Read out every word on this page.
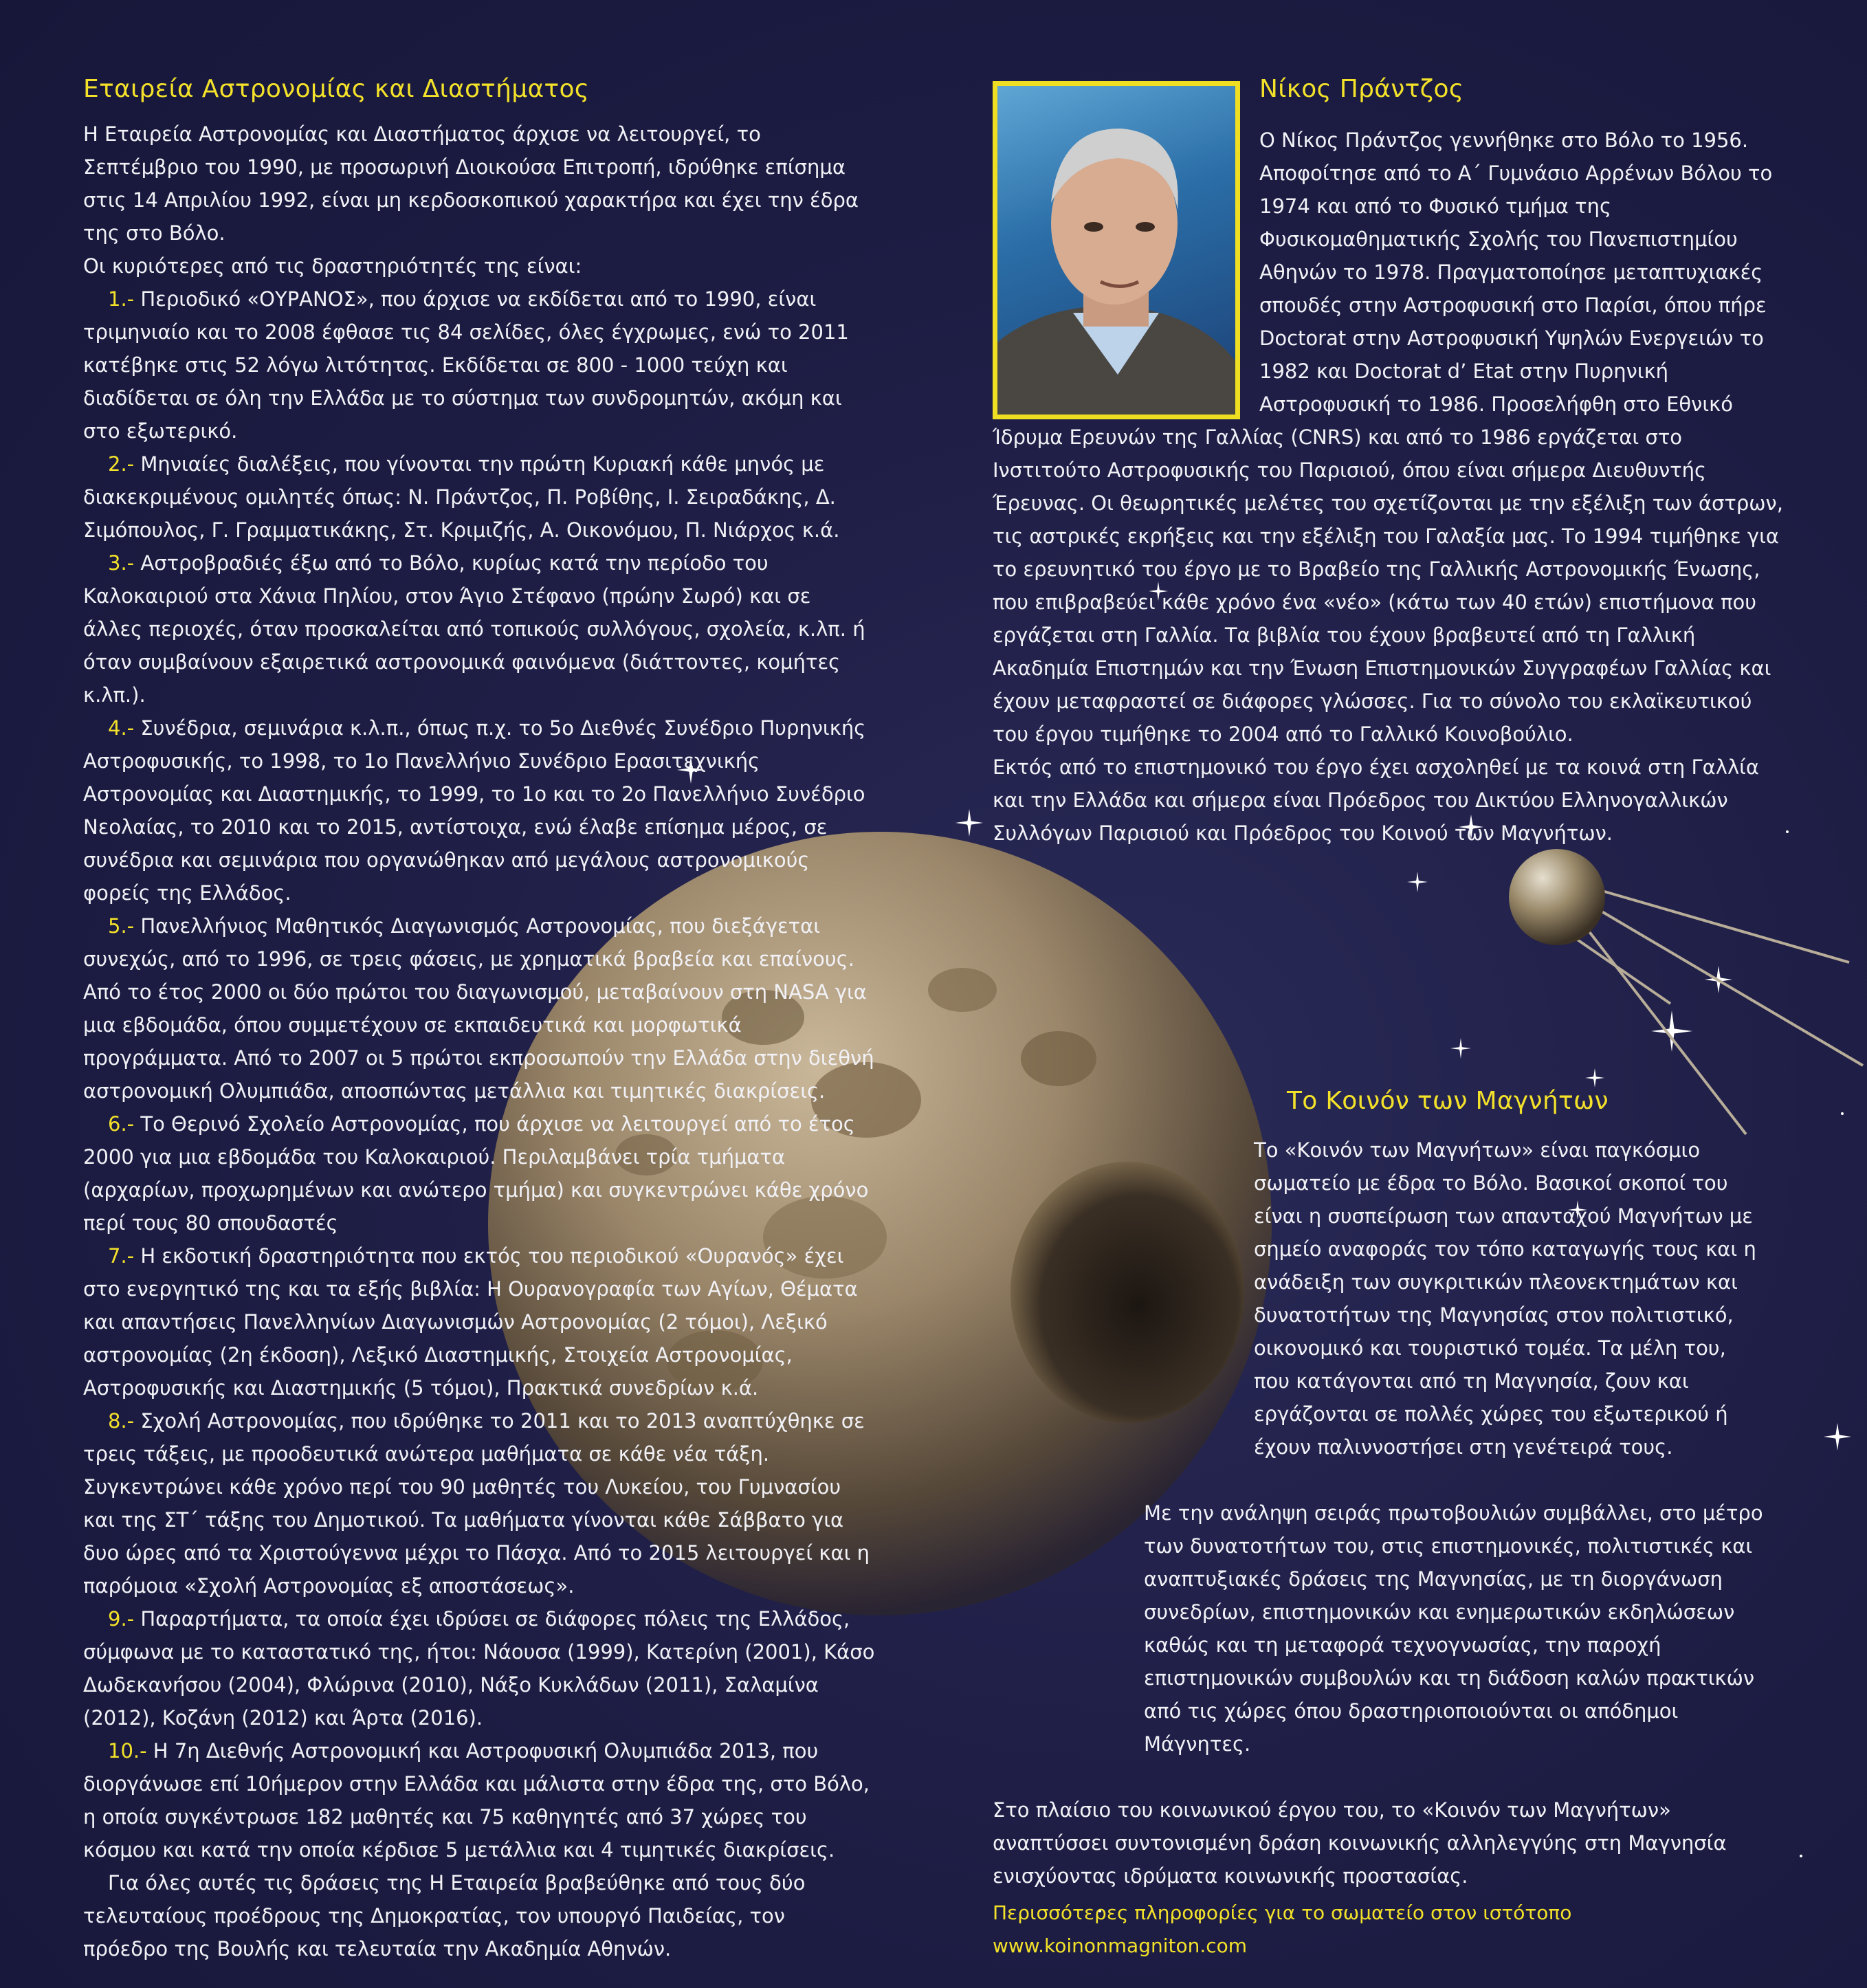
Εταιρεία Αστρονομίας και Διαστήματος

Η Εταιρεία Αστρονομίας και Διαστήματος άρχισε να λειτουργεί, το Σεπτέμβριο του 1990, με προσωρινή Διοικούσα Επιτροπή, ιδρύθηκε επίσημα στις 14 Απριλίου 1992, είναι μη κερδοσκοπικού χαρακτήρα και έχει την έδρα της στο Βόλο.

Οι κυριότερες από τις δραστηριότητές της είναι:

1.- Περιοδικό «ΟΥΡΑΝΟΣ», που άρχισε να εκδίδεται από το 1990, είναι τριμηνιαίο και το 2008 έφθασε τις 84 σελίδες, όλες έγχρωμες, ενώ το 2011 κατέβηκε στις 52 λόγω λιτότητας. Εκδίδεται σε 800 - 1000 τεύχη και διαδίδεται σε όλη την Ελλάδα με το σύστημα των συνδρομητών, ακόμη και στο εξωτερικό.

2.- Μηνιαίες διαλέξεις, που γίνονται την πρώτη Κυριακή κάθε μηνός με διακεκριμένους ομιλητές όπως: Ν. Πράντζος, Π. Ροβίθης, Ι. Σειραδάκης, Δ. Σιμόπουλος, Γ. Γραμματικάκης, Στ. Κριμιζής, Α. Οικονόμου, Π. Νιάρχος κ.ά.

3.- Αστροβραδιές έξω από το Βόλο, κυρίως κατά την περίοδο του Καλοκαιριού στα Χάνια Πηλίου, στον Άγιο Στέφανο (πρώην Σωρό) και σε άλλες περιοχές, όταν προσκαλείται από τοπικούς συλλόγους, σχολεία, κ.λπ. ή όταν συμβαίνουν εξαιρετικά αστρονομικά φαινόμενα (διάττοντες, κομήτες κ.λπ.).

4.- Συνέδρια, σεμινάρια κ.λ.π., όπως π.χ. το 5ο Διεθνές Συνέδριο Πυρηνικής Αστροφυσικής, το 1998, το 1ο Πανελλήνιο Συνέδριο Ερασιτεχνικής Αστρονομίας και Διαστημικής, το 1999, το 1ο και το 2ο Πανελλήνιο Συνέδριο Νεολαίας, το 2010 και το 2015, αντίστοιχα, ενώ έλαβε επίσημα μέρος, σε συνέδρια και σεμινάρια που οργανώθηκαν από μεγάλους αστρονομικούς φορείς της Ελλάδος.

5.- Πανελλήνιος Μαθητικός Διαγωνισμός Αστρονομίας, που διεξάγεται συνεχώς, από το 1996, σε τρεις φάσεις, με χρηματικά βραβεία και επαίνους. Από το έτος 2000 οι δύο πρώτοι του διαγωνισμού, μεταβαίνουν στη NASA για μια εβδομάδα, όπου συμμετέχουν σε εκπαιδευτικά και μορφωτικά προγράμματα. Από το 2007 οι 5 πρώτοι εκπροσωπούν την Ελλάδα στην διεθνή αστρονομική Ολυμπιάδα, αποσπώντας μετάλλια και τιμητικές διακρίσεις.

6.- Το Θερινό Σχολείο Αστρονομίας, που άρχισε να λειτουργεί από το έτος 2000 για μια εβδομάδα του Καλοκαιριού. Περιλαμβάνει τρία τμήματα (αρχαρίων, προχωρημένων και ανώτερο τμήμα) και συγκεντρώνει κάθε χρόνο περί τους 80 σπουδαστές

7.- Η εκδοτική δραστηριότητα που εκτός του περιοδικού «Ουρανός» έχει στο ενεργητικό της και τα εξής βιβλία: Η Ουρανογραφία των Αγίων, Θέματα και απαντήσεις Πανελληνίων Διαγωνισμών Αστρονομίας (2 τόμοι), Λεξικό αστρονομίας (2η έκδοση), Λεξικό Διαστημικής, Στοιχεία Αστρονομίας, Αστροφυσικής και Διαστημικής (5 τόμοι), Πρακτικά συνεδρίων κ.ά.

8.- Σχολή Αστρονομίας, που ιδρύθηκε το 2011 και το 2013 αναπτύχθηκε σε τρεις τάξεις, με προοδευτικά ανώτερα μαθήματα σε κάθε νέα τάξη. Συγκεντρώνει κάθε χρόνο περί του 90 μαθητές του Λυκείου, του Γυμνασίου και της ΣΤ΄ τάξης του Δημοτικού. Τα μαθήματα γίνονται κάθε Σάββατο για δυο ώρες από τα Χριστούγεννα μέχρι το Πάσχα. Από το 2015 λειτουργεί και η παρόμοια «Σχολή Αστρονομίας εξ αποστάσεως».

9.- Παραρτήματα, τα οποία έχει ιδρύσει σε διάφορες πόλεις της Ελλάδος, σύμφωνα με το καταστατικό της, ήτοι: Νάουσα (1999), Κατερίνη (2001), Κάσο Δωδεκανήσου (2004), Φλώρινα (2010), Νάξο Κυκλάδων (2011), Σαλαμίνα (2012), Κοζάνη (2012) και Άρτα (2016).

10.- Η 7η Διεθνής Αστρονομική και Αστροφυσική Ολυμπιάδα 2013, που διοργάνωσε επί 10ήμερον στην Ελλάδα και μάλιστα στην έδρα της, στο Βόλο, η οποία συγκέντρωσε 182 μαθητές και 75 καθηγητές από 37 χώρες του κόσμου και κατά την οποία κέρδισε 5 μετάλλια και 4 τιμητικές διακρίσεις.

Για όλες αυτές τις δράσεις της Η Εταιρεία βραβεύθηκε από τους δύο τελευταίους προέδρους της Δημοκρατίας, τον υπουργό Παιδείας, τον πρόεδρο της Βουλής και τελευταία την Ακαδημία Αθηνών.

Νίκος Πράντζος

Ο Νίκος Πράντζος γεννήθηκε στο Βόλο το 1956. Αποφοίτησε από το Α΄ Γυμνάσιο Αρρένων Βόλου το 1974 και από το Φυσικό τμήμα της Φυσικομαθηματικής Σχολής του Πανεπιστημίου Αθηνών το 1978. Πραγματοποίησε μεταπτυχιακές σπουδές στην Αστροφυσική στο Παρίσι, όπου πήρε Doctorat στην Αστροφυσική Υψηλών Ενεργειών το 1982 και Doctorat d’ Etat στην Πυρηνική Αστροφυσική το 1986. Προσελήφθη στο Εθνικό Ίδρυμα Ερευνών της Γαλλίας (CNRS) και από το 1986 εργάζεται στο Ινστιτούτο Αστροφυσικής του Παρισιού, όπου είναι σήμερα Διευθυντής Έρευνας. Οι θεωρητικές μελέτες του σχετίζονται με την εξέλιξη των άστρων, τις αστρικές εκρήξεις και την εξέλιξη του Γαλαξία μας. Το 1994 τιμήθηκε για το ερευνητικό του έργο με το Βραβείο της Γαλλικής Αστρονομικής Ένωσης, που επιβραβεύει κάθε χρόνο ένα «νέο» (κάτω των 40 ετών) επιστήμονα που εργάζεται στη Γαλλία. Τα βιβλία του έχουν βραβευτεί από τη Γαλλική Ακαδημία Επιστημών και την Ένωση Επιστημονικών Συγγραφέων Γαλλίας και έχουν μεταφραστεί σε διάφορες γλώσσες. Για το σύνολο του εκλαϊκευτικού του έργου τιμήθηκε το 2004 από το Γαλλικό Κοινοβούλιο.

Εκτός από το επιστημονικό του έργο έχει ασχοληθεί με τα κοινά στη Γαλλία και την Ελλάδα και σήμερα είναι Πρόεδρος του Δικτύου Ελληνογαλλικών Συλλόγων Παρισιού και Πρόεδρος του Κοινού των Μαγνήτων.

Το Κοινόν των Μαγνήτων

Το «Κοινόν των Μαγνήτων» είναι παγκόσμιο σωματείο με έδρα το Βόλο. Βασικοί σκοποί του είναι η συσπείρωση των απανταχού Μαγνήτων με σημείο αναφοράς τον τόπο καταγωγής τους και η ανάδειξη των συγκριτικών πλεονεκτημάτων και δυνατοτήτων της Μαγνησίας στον πολιτιστικό, οικονομικό και τουριστικό τομέα. Τα μέλη του, που κατάγονται από τη Μαγνησία, ζουν και εργάζονται σε πολλές χώρες του εξωτερικού ή έχουν παλιννοστήσει στη γενέτειρά τους.

Με την ανάληψη σειράς πρωτοβουλιών συμβάλλει, στο μέτρο των δυνατοτήτων του, στις επιστημονικές, πολιτιστικές και αναπτυξιακές δράσεις της Μαγνησίας, με τη διοργάνωση συνεδρίων, επιστημονικών και ενημερωτικών εκδηλώσεων καθώς και τη μεταφορά τεχνογνωσίας, την παροχή επιστημονικών συμβουλών και τη διάδοση καλών πρακτικών από τις χώρες όπου δραστηριοποιούνται οι απόδημοι Μάγνητες.

Στο πλαίσιο του κοινωνικού έργου του, το «Κοινόν των Μαγνήτων» αναπτύσσει συντονισμένη δράση κοινωνικής αλληλεγγύης στη Μαγνησία ενισχύοντας ιδρύματα κοινωνικής προστασίας.

Περισσότερες πληροφορίες για το σωματείο στον ιστότοπο www.koinonmagniton.com
